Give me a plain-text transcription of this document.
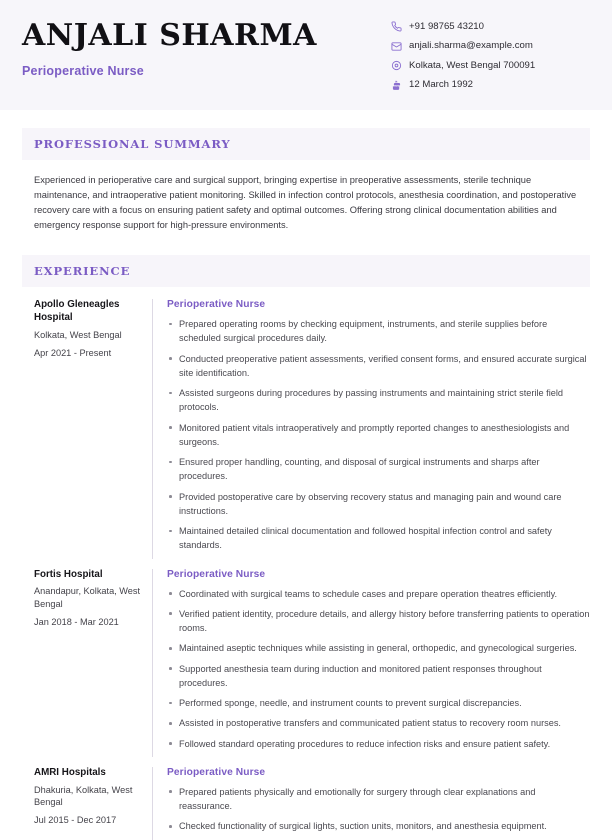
ANJALI SHARMA
Perioperative Nurse
+91 98765 43210
anjali.sharma@example.com
Kolkata, West Bengal 700091
12 March 1992
PROFESSIONAL SUMMARY
Experienced in perioperative care and surgical support, bringing expertise in preoperative assessments, sterile technique maintenance, and intraoperative patient monitoring. Skilled in infection control protocols, anesthesia coordination, and postoperative recovery care with a focus on ensuring patient safety and optimal outcomes. Offering strong clinical documentation abilities and emergency response support for high-pressure environments.
EXPERIENCE
Apollo Gleneagles Hospital
Kolkata, West Bengal
Apr 2021 - Present
Perioperative Nurse
Prepared operating rooms by checking equipment, instruments, and sterile supplies before scheduled surgical procedures daily.
Conducted preoperative patient assessments, verified consent forms, and ensured accurate surgical site identification.
Assisted surgeons during procedures by passing instruments and maintaining strict sterile field protocols.
Monitored patient vitals intraoperatively and promptly reported changes to anesthesiologists and surgeons.
Ensured proper handling, counting, and disposal of surgical instruments and sharps after procedures.
Provided postoperative care by observing recovery status and managing pain and wound care instructions.
Maintained detailed clinical documentation and followed hospital infection control and safety standards.
Fortis Hospital
Anandapur, Kolkata, West Bengal
Jan 2018 - Mar 2021
Perioperative Nurse
Coordinated with surgical teams to schedule cases and prepare operation theatres efficiently.
Verified patient identity, procedure details, and allergy history before transferring patients to operation rooms.
Maintained aseptic techniques while assisting in general, orthopedic, and gynecological surgeries.
Supported anesthesia team during induction and monitored patient responses throughout procedures.
Performed sponge, needle, and instrument counts to prevent surgical discrepancies.
Assisted in postoperative transfers and communicated patient status to recovery room nurses.
Followed standard operating procedures to reduce infection risks and ensure patient safety.
AMRI Hospitals
Dhakuria, Kolkata, West Bengal
Jul 2015 - Dec 2017
Perioperative Nurse
Prepared patients physically and emotionally for surgery through clear explanations and reassurance.
Checked functionality of surgical lights, suction units, monitors, and anesthesia equipment.
